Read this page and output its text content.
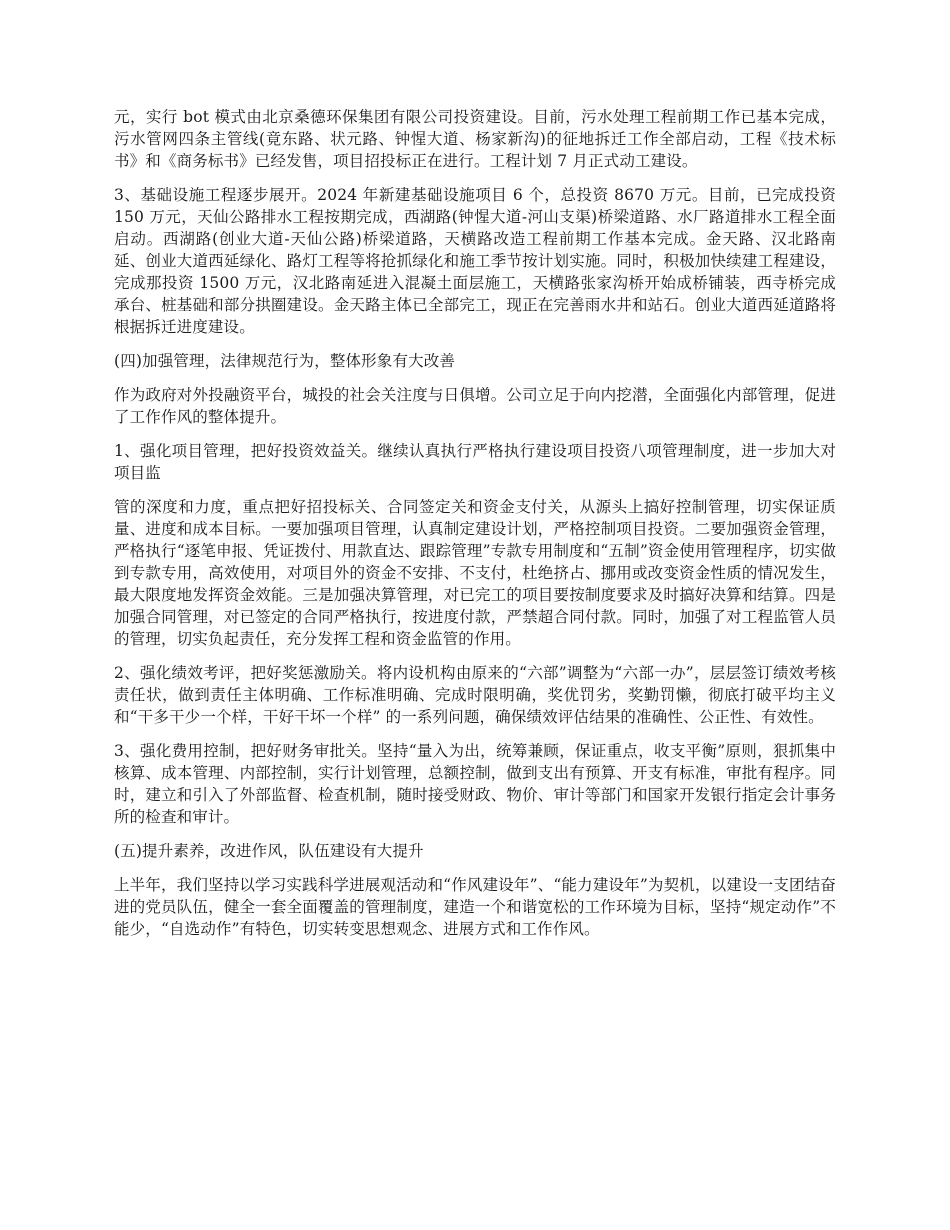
元，实行 bot 模式由北京桑德环保集团有限公司投资建设。目前，污水处理工程前期工作已基本完成，污水管网四条主管线(竟东路、状元路、钟惺大道、杨家新沟)的征地拆迁工作全部启动，工程《技术标书》和《商务标书》已经发售，项目招投标正在进行。工程计划 7 月正式动工建设。

3、基础设施工程逐步展开。2024 年新建基础设施项目 6 个，总投资 8670 万元。目前，已完成投资 150 万元，天仙公路排水工程按期完成，西湖路(钟惺大道-河山支渠)桥梁道路、水厂路道排水工程全面启动。西湖路(创业大道-天仙公路)桥梁道路，天横路改造工程前期工作基本完成。金天路、汉北路南延、创业大道西延绿化、路灯工程等将抢抓绿化和施工季节按计划实施。同时，积极加快续建工程建设，完成那投资 1500 万元，汉北路南延进入混凝土面层施工，天横路张家沟桥开始成桥铺装，西寺桥完成承台、桩基础和部分拱圈建设。金天路主体已全部完工，现正在完善雨水井和站石。创业大道西延道路将根据拆迁进度建设。

(四)加强管理，法律规范行为，整体形象有大改善

作为政府对外投融资平台，城投的社会关注度与日俱增。公司立足于向内挖潜，全面强化内部管理，促进了工作作风的整体提升。

1、强化项目管理，把好投资效益关。继续认真执行严格执行建设项目投资八项管理制度，进一步加大对项目监

管的深度和力度，重点把好招投标关、合同签定关和资金支付关，从源头上搞好控制管理，切实保证质量、进度和成本目标。一要加强项目管理，认真制定建设计划，严格控制项目投资。二要加强资金管理，严格执行“逐笔申报、凭证拨付、用款直达、跟踪管理”专款专用制度和“五制”资金使用管理程序，切实做到专款专用，高效使用，对项目外的资金不安排、不支付，杜绝挤占、挪用或改变资金性质的情况发生，最大限度地发挥资金效能。三是加强决算管理，对已完工的项目要按制度要求及时搞好决算和结算。四是加强合同管理，对已签定的合同严格执行，按进度付款，严禁超合同付款。同时，加强了对工程监管人员的管理，切实负起责任，充分发挥工程和资金监管的作用。

2、强化绩效考评，把好奖惩激励关。将内设机构由原来的“六部”调整为“六部一办”，层层签订绩效考核责任状，做到责任主体明确、工作标准明确、完成时限明确，奖优罚劣，奖勤罚懒，彻底打破平均主义和“干多干少一个样，干好干坏一个样” 的一系列问题，确保绩效评估结果的准确性、公正性、有效性。

3、强化费用控制，把好财务审批关。坚持“量入为出，统筹兼顾，保证重点，收支平衡”原则，狠抓集中核算、成本管理、内部控制，实行计划管理，总额控制，做到支出有预算、开支有标准，审批有程序。同时，建立和引入了外部监督、检查机制，随时接受财政、物价、审计等部门和国家开发银行指定会计事务所的检查和审计。

(五)提升素养，改进作风，队伍建设有大提升

上半年，我们坚持以学习实践科学进展观活动和“作风建设年”、“能力建设年”为契机，以建设一支团结奋进的党员队伍，健全一套全面覆盖的管理制度，建造一个和谐宽松的工作环境为目标，坚持“规定动作”不能少，“自选动作”有特色，切实转变思想观念、进展方式和工作作风。
